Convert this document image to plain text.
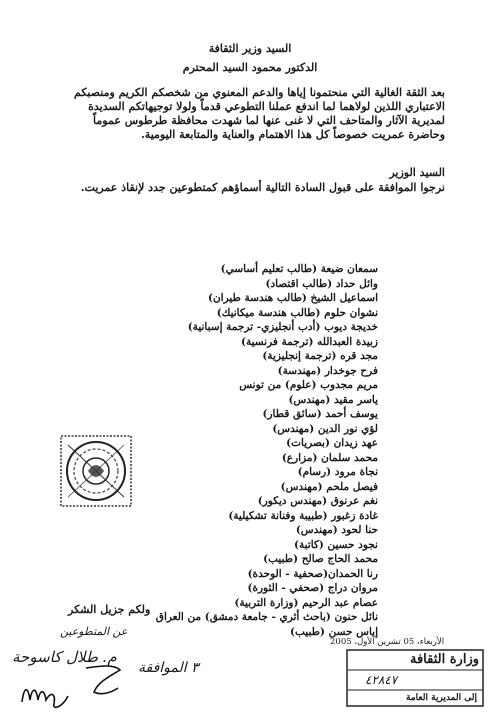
السيد وزير الثقافة
الدكتور محمود السيد المحترم
بعد الثقة الغالية التي منحتمونا إياها والدعم المعنوي من شخصكم الكريم ومنصبكم
الاعتباري اللذين لولاهما لما اندفع عملنا التطوعي قدماً ولولا توجيهاتكم السديدة
لمديرية الآثار والمتاحف التي لا غنى عنها لما شهدت محافظة طرطوس عموماً
وحاضرة عمريت خصوصاً كل هذا الاهتمام والعناية والمتابعة اليومية.
السيد الوزير
نرجوا الموافقة على قبول السادة التالية أسماؤهم كمتطوعين جدد لإنقاذ عمريت.
سمعان ضيعة (طالب تعليم أساسي)
وائل حداد (طالب اقتصاد)
اسماعيل الشيخ (طالب هندسة طيران)
نشوان حلوم (طالب هندسة ميكانيك)
خديجة ديوب (أدب أنجليزي- ترجمة إسبانية)
زبيدة العبدالله (ترجمة فرنسية)
مجد قره (ترجمة إنجليزية)
فرح جوخدار (مهندسة)
مريم مجدوب (علوم) من تونس
ياسر مقيد (مهندس)
يوسف أحمد (سائق قطار)
لؤي نور الدين (مهندس)
عهد زيدان (بصريات)
محمد سلمان (مزارع)
نجاة مرود (رسام)
فيصل ملحم (مهندس)
نغم عرنوق (مهندس ديكور)
غادة زغبور (طبيبة وفنانة تشكيلية)
حنا لحود (مهندس)
نجود حسين (كاتبة)
محمد الحاج صالح (طبيب)
رنا الحمدان(صحفية - الوحدة)
مروان دراج (صحفي - الثورة)
عصام عبد الرحيم (وزارة التربية)
نائل حنون (باحث أثري - جامعة دمشق) من العراق
إياس حسن (طبيب)
ولكم جزيل الشكر
عن المتطوعين
م. طلال كاسوحة
٣ الموافقة
الأربعاء، 05 تشرين الأول، 2005
وزارة الثقافة
٤٢٨٤٧
إلى المديرية العامة
